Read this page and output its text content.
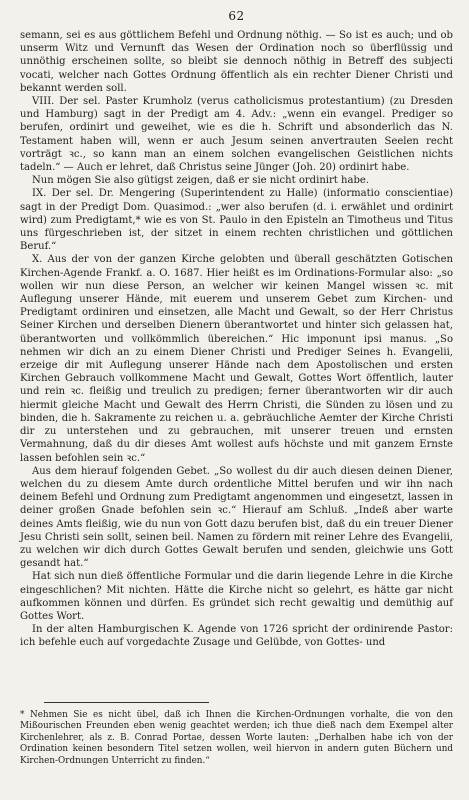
62

semann, sei es aus göttlichem Befehl und Ordnung nöthig. — So ist es auch; und ob unserm Witz und Vernunft das Wesen der Ordination noch so überflüssig und unnöthig erscheinen sollte, so bleibt sie dennoch nöthig in Betreff des subjecti vocati, welcher nach Gottes Ordnung öffentlich als ein rechter Diener Christi und bekannt werden soll.

VIII. Der sel. Paster Krumholz (verus catholicismus protestantium) (zu Dresden und Hamburg) sagt in der Predigt am 4. Adv.: „wenn ein evangel. Prediger so berufen, ordinirt und geweihet, wie es die h. Schrift und absonderlich das N. Testament haben will, wenn er auch Jesum seinen anvertrauten Seelen recht vorträgt ꝛc., so kann man an einem solchen evangelischen Geistlichen nichts tadeln.“ — Auch er lehret, daß Christus seine Jünger (Joh. 20) ordinirt habe.

Nun mögen Sie also gütigst zeigen, daß er sie nicht ordinirt habe.

IX. Der sel. Dr. Mengering (Superintendent zu Halle) (informatio conscientiae) sagt in der Predigt Dom. Quasimod.: „wer also berufen (d. i. erwählet und ordinirt wird) zum Predigtamt,* wie es von St. Paulo in den Episteln an Timotheus und Titus uns fürgeschrieben ist, der sitzet in einem rechten christlichen und göttlichen Beruf.“

X. Aus der von der ganzen Kirche gelobten und überall geschätzten Gotischen Kirchen-Agende Frankf. a. O. 1687. Hier heißt es im Ordinations-Formular also: „so wollen wir nun diese Person, an welcher wir keinen Mangel wissen ꝛc. mit Auflegung unserer Hände, mit euerem und unserem Gebet zum Kirchen- und Predigtamt ordiniren und einsetzen, alle Macht und Gewalt, so der Herr Christus Seiner Kirchen und derselben Dienern überantwortet und hinter sich gelassen hat, überantworten und vollkömmlich übereichen.“ Hic imponunt ipsi manus. „So nehmen wir dich an zu einem Diener Christi und Prediger Seines h. Evangelii, erzeige dir mit Auflegung unserer Hände nach dem Apostolischen und ersten Kirchen Gebrauch vollkommene Macht und Gewalt, Gottes Wort öffentlich, lauter und rein ꝛc. fleißig und treulich zu predigen; ferner überantworten wir dir auch hiermit gleiche Macht und Gewalt des Herrn Christi, die Sünden zu lösen und zu binden, die h. Sakramente zu reichen u. a. gebräuchliche Aemter der Kirche Christi dir zu unterstehen und zu gebrauchen, mit unserer treuen und ernsten Vermahnung, daß du dir dieses Amt wollest aufs höchste und mit ganzem Ernste lassen befohlen sein ꝛc.“

Aus dem hierauf folgenden Gebet. „So wollest du dir auch diesen deinen Diener, welchen du zu diesem Amte durch ordentliche Mittel berufen und wir ihn nach deinem Befehl und Ordnung zum Predigtamt angenommen und eingesetzt, lassen in deiner großen Gnade befohlen sein ꝛc.“ Hierauf am Schluß. „Indeß aber warte deines Amts fleißig, wie du nun von Gott dazu berufen bist, daß du ein treuer Diener Jesu Christi sein sollt, seinen beil. Namen zu fördern mit reiner Lehre des Evangelii, zu welchen wir dich durch Gottes Gewalt berufen und senden, gleichwie uns Gott gesandt hat.“

Hat sich nun dieß öffentliche Formular und die darin liegende Lehre in die Kirche eingeschlichen? Mit nichten. Hätte die Kirche nicht so gelehrt, es hätte gar nicht aufkommen können und dürfen. Es gründet sich recht gewaltig und demüthig auf Gottes Wort.

In der alten Hamburgischen K. Agende von 1726 spricht der ordinirende Pastor: ich befehle euch auf vorgedachte Zusage und Gelübde, von Gottes- und

* Nehmen Sie es nicht übel, daß ich Ihnen die Kirchen-Ordnungen vorhalte, die von den Mißourischen Freunden eben wenig geachtet werden; ich thue dieß nach dem Exempel alter Kirchenlehrer, als z. B. Conrad Portae, dessen Worte lauten: „Derhalben habe ich von der Ordination keinen besondern Titel setzen wollen, weil hiervon in andern guten Büchern und Kirchen-Ordnungen Unterricht zu finden.“
